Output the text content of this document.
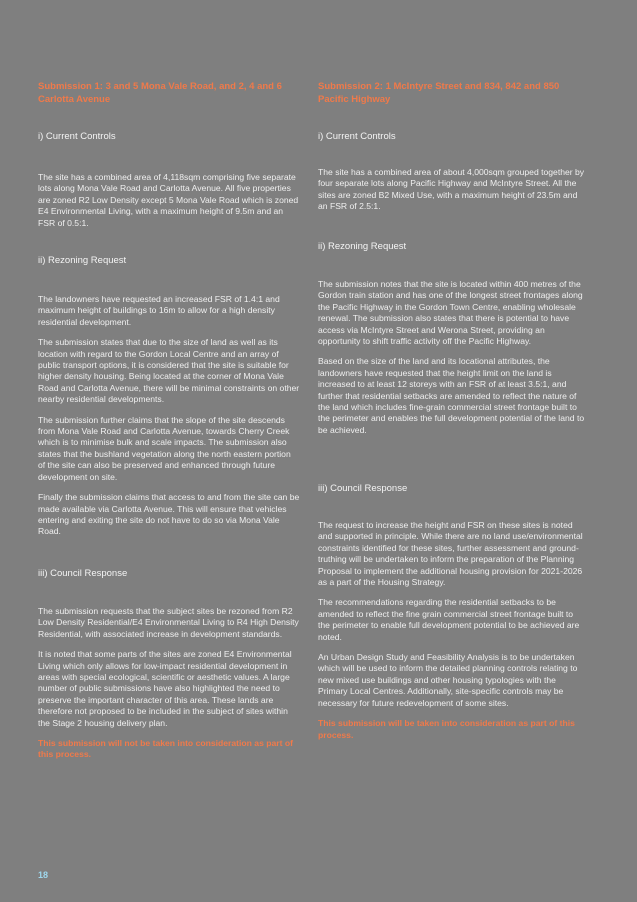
Submission 1: 3 and 5 Mona Vale Road, and 2, 4 and 6 Carlotta Avenue
i) Current Controls

The site has a combined area of 4,118sqm comprising five separate lots along Mona Vale Road and Carlotta Avenue. All five properties are zoned R2 Low Density except 5 Mona Vale Road which is zoned E4 Environmental Living, with a maximum height of 9.5m and an FSR of 0.5:1.

ii) Rezoning Request

The landowners have requested an increased FSR of 1.4:1 and maximum height of buildings to 16m to allow for a high density residential development.

The submission states that due to the size of land as well as its location with regard to the Gordon Local Centre and an array of public transport options, it is considered that the site is suitable for higher density housing. Being located at the corner of Mona Vale Road and Carlotta Avenue, there will be minimal constraints on other nearby residential developments.

The submission further claims that the slope of the site descends from Mona Vale Road and Carlotta Avenue, towards Cherry Creek which is to minimise bulk and scale impacts. The submission also states that the bushland vegetation along the north eastern portion of the site can also be preserved and enhanced through future development on site.

Finally the submission claims that access to and from the site can be made available via Carlotta Avenue. This will ensure that vehicles entering and exiting the site do not have to do so via Mona Vale Road.

iii) Council Response

The submission requests that the subject sites be rezoned from R2 Low Density Residential/E4 Environmental Living to R4 High Density Residential, with associated increase in development standards.

It is noted that some parts of the sites are zoned E4 Environmental Living which only allows for low-impact residential development in areas with special ecological, scientific or aesthetic values. A large number of public submissions have also highlighted the need to preserve the important character of this area. These lands are therefore not proposed to be included in the subject of sites within the Stage 2 housing delivery plan.

This submission will not be taken into consideration as part of this process.

Submission 2: 1 McIntyre Street and 834, 842 and 850 Pacific Highway
i) Current Controls

The site has a combined area of about 4,000sqm grouped together by four separate lots along Pacific Highway and McIntyre Street. All the sites are zoned B2 Mixed Use, with a maximum height of 23.5m and an FSR of 2.5:1.

ii) Rezoning Request

The submission notes that the site is located within 400 metres of the Gordon train station and has one of the longest street frontages along the Pacific Highway in the Gordon Town Centre, enabling wholesale renewal. The submission also states that there is potential to have access via McIntyre Street and Werona Street, providing an opportunity to shift traffic activity off the Pacific Highway.

Based on the size of the land and its locational attributes, the landowners have requested that the height limit on the land is increased to at least 12 storeys with an FSR of at least 3.5:1, and further that residential setbacks are amended to reflect the nature of the land which includes fine-grain commercial street frontage built to the perimeter and enables the full development potential of the land to be achieved.

iii) Council Response

The request to increase the height and FSR on these sites is noted and supported in principle. While there are no land use/environmental constraints identified for these sites, further assessment and ground-truthing will be undertaken to inform the preparation of the Planning Proposal to implement the additional housing provision for 2021-2026 as a part of the Housing Strategy.

The recommendations regarding the residential setbacks to be amended to reflect the fine grain commercial street frontage built to the perimeter to enable full development potential to be achieved are noted.

An Urban Design Study and Feasibility Analysis is to be undertaken which will be used to inform the detailed planning controls relating to new mixed use buildings and other housing typologies with the Primary Local Centres. Additionally, site-specific controls may be necessary for future redevelopment of some sites.

This submission will be taken into consideration as part of this process.

18
